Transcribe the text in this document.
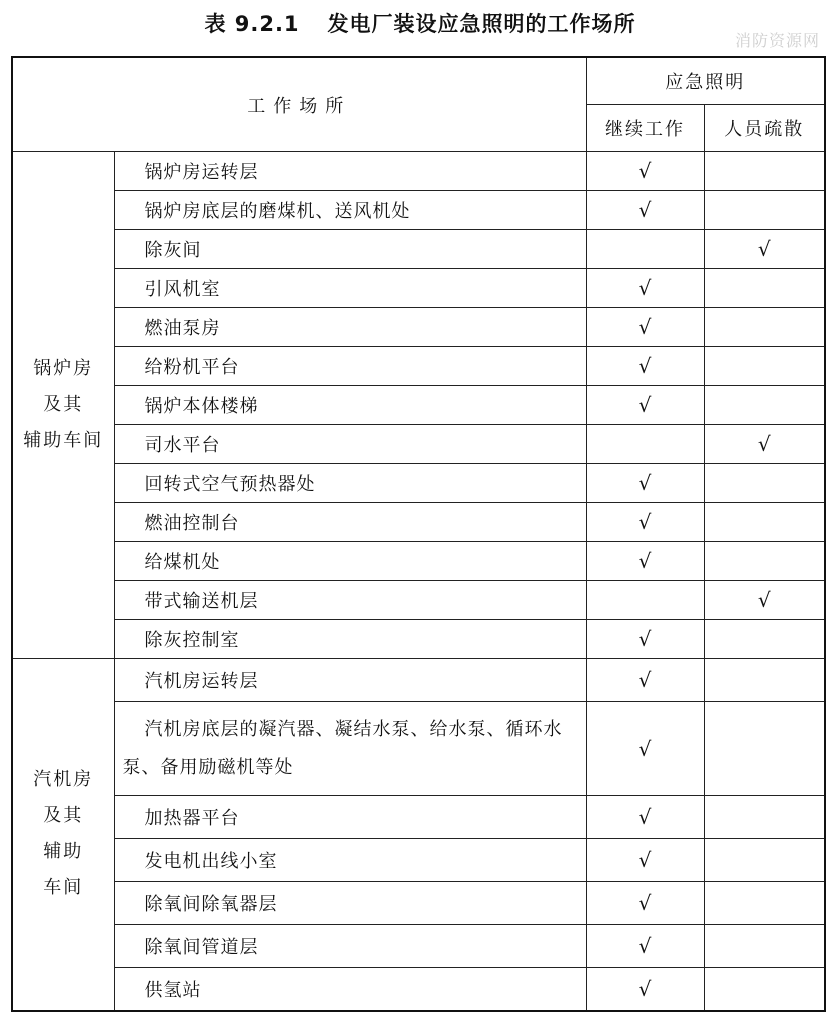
表 9.2.1 发电厂装设应急照明的工作场所
消防资源网
工作场所		应急照明	
		继续工作	人员疏散

锅炉房
及其
辅助车间	锅炉房运转层	√	
	锅炉房底层的磨煤机、送风机处	√	
	除灰间		√
	引风机室	√	
	燃油泵房	√	
	给粉机平台	√	
	锅炉本体楼梯	√	
	司水平台		√
	回转式空气预热器处	√	
	燃油控制台	√	
	给煤机处	√	
	带式输送机层		√
	除灰控制室	√	

汽机房
及其
辅助
车间	汽机房运转层	√	
	汽机房底层的凝汽器、凝结水泵、给水泵、循环水泵、备用励磁机等处	√	
	加热器平台	√	
	发电机出线小室	√	
	除氧间除氧器层	√	
	除氧间管道层	√	
	供氢站	√	
